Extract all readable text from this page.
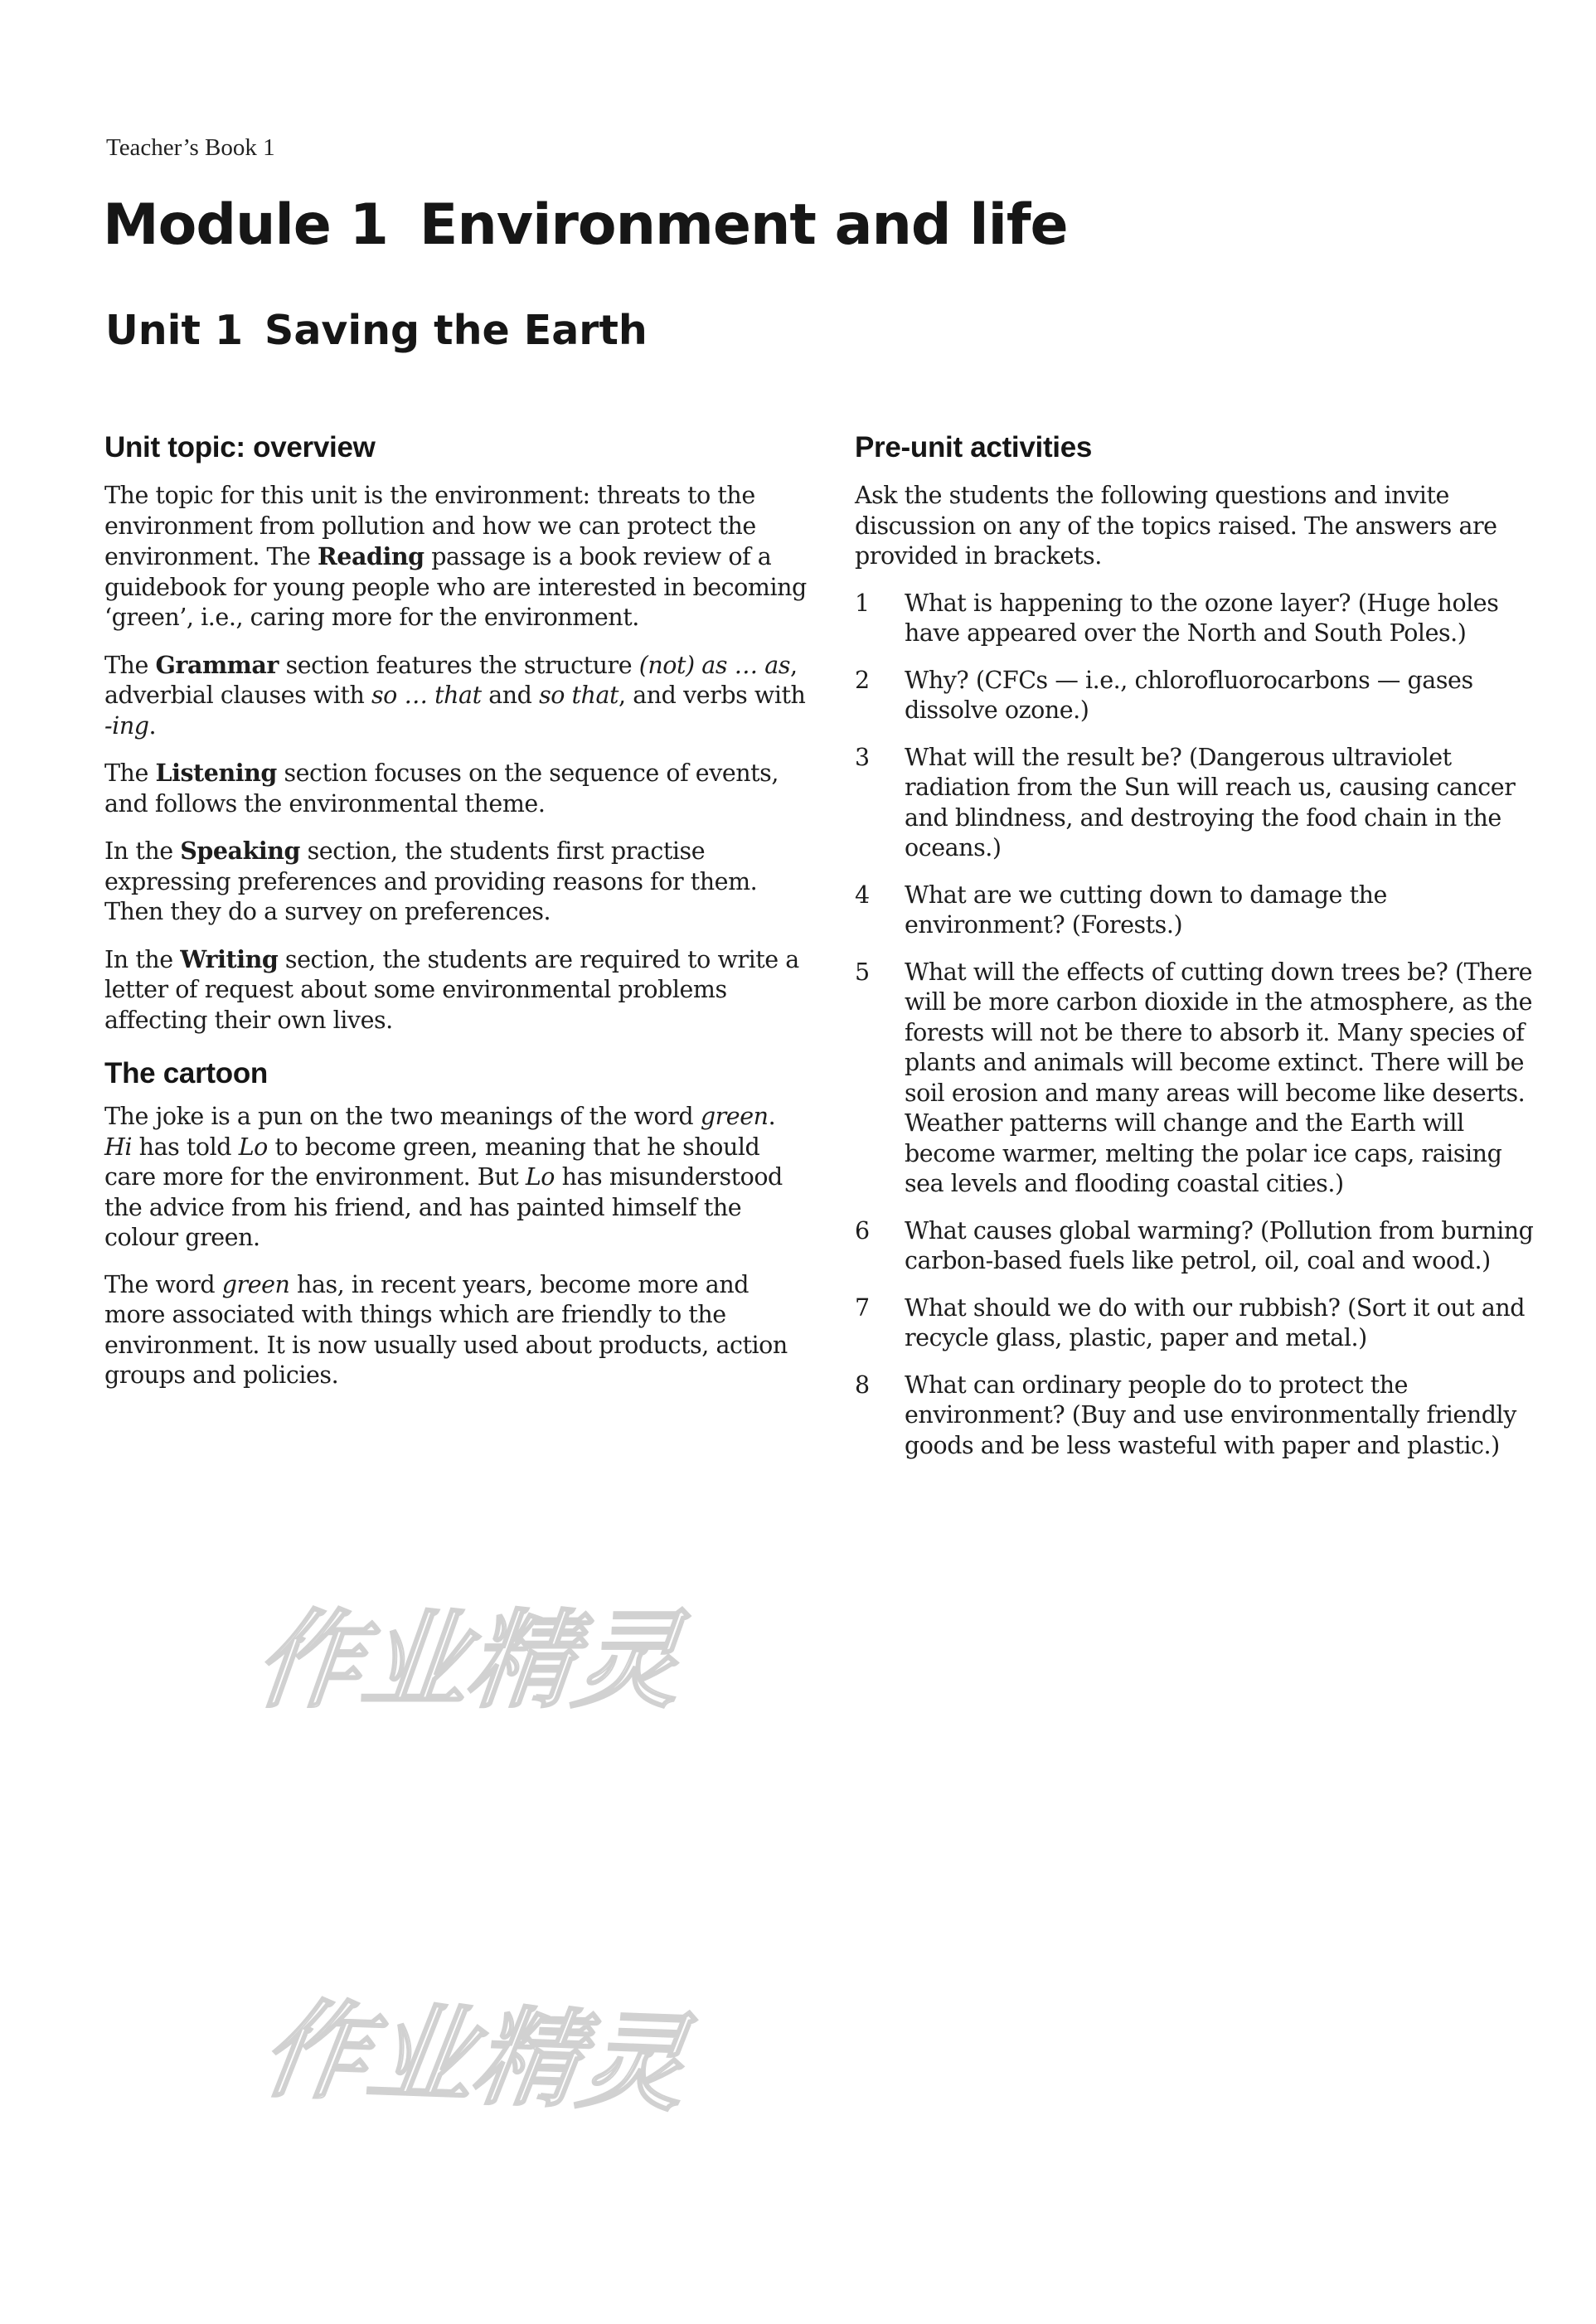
Teacher’s Book 1
Module 1 Environment and life
Unit 1 Saving the Earth
Unit topic: overview

The topic for this unit is the environment: threats to the environment from pollution and how we can protect the environment. The Reading passage is a book review of a guidebook for young people who are interested in becoming ‘green’, i.e., caring more for the environment.

The Grammar section features the structure (not) as … as, adverbial clauses with so … that and so that, and verbs with -ing.

The Listening section focuses on the sequence of events, and follows the environmental theme.

In the Speaking section, the students first practise expressing preferences and providing reasons for them. Then they do a survey on preferences.

In the Writing section, the students are required to write a letter of request about some environmental problems affecting their own lives.

The cartoon

The joke is a pun on the two meanings of the word green. Hi has told Lo to become green, meaning that he should care more for the environment. But Lo has misunderstood the advice from his friend, and has painted himself the colour green.

The word green has, in recent years, become more and more associated with things which are friendly to the environment. It is now usually used about products, action groups and policies.

Pre-unit activities

Ask the students the following questions and invite discussion on any of the topics raised. The answers are provided in brackets.

1	What is happening to the ozone layer? (Huge holes have appeared over the North and South Poles.)
2	Why? (CFCs — i.e., chlorofluorocarbons — gases dissolve ozone.)
3	What will the result be? (Dangerous ultraviolet radiation from the Sun will reach us, causing cancer and blindness, and destroying the food chain in the oceans.)
4	What are we cutting down to damage the environment? (Forests.)
5	What will the effects of cutting down trees be? (There will be more carbon dioxide in the atmosphere, as the forests will not be there to absorb it. Many species of plants and animals will become extinct. There will be soil erosion and many areas will become like deserts. Weather patterns will change and the Earth will become warmer, melting the polar ice caps, raising sea levels and flooding coastal cities.)
6	What causes global warming? (Pollution from burning carbon-based fuels like petrol, oil, coal and wood.)
7	What should we do with our rubbish? (Sort it out and recycle glass, plastic, paper and metal.)
8	What can ordinary people do to protect the environment? (Buy and use environmentally friendly goods and be less wasteful with paper and plastic.)
作业精灵
作业精灵
